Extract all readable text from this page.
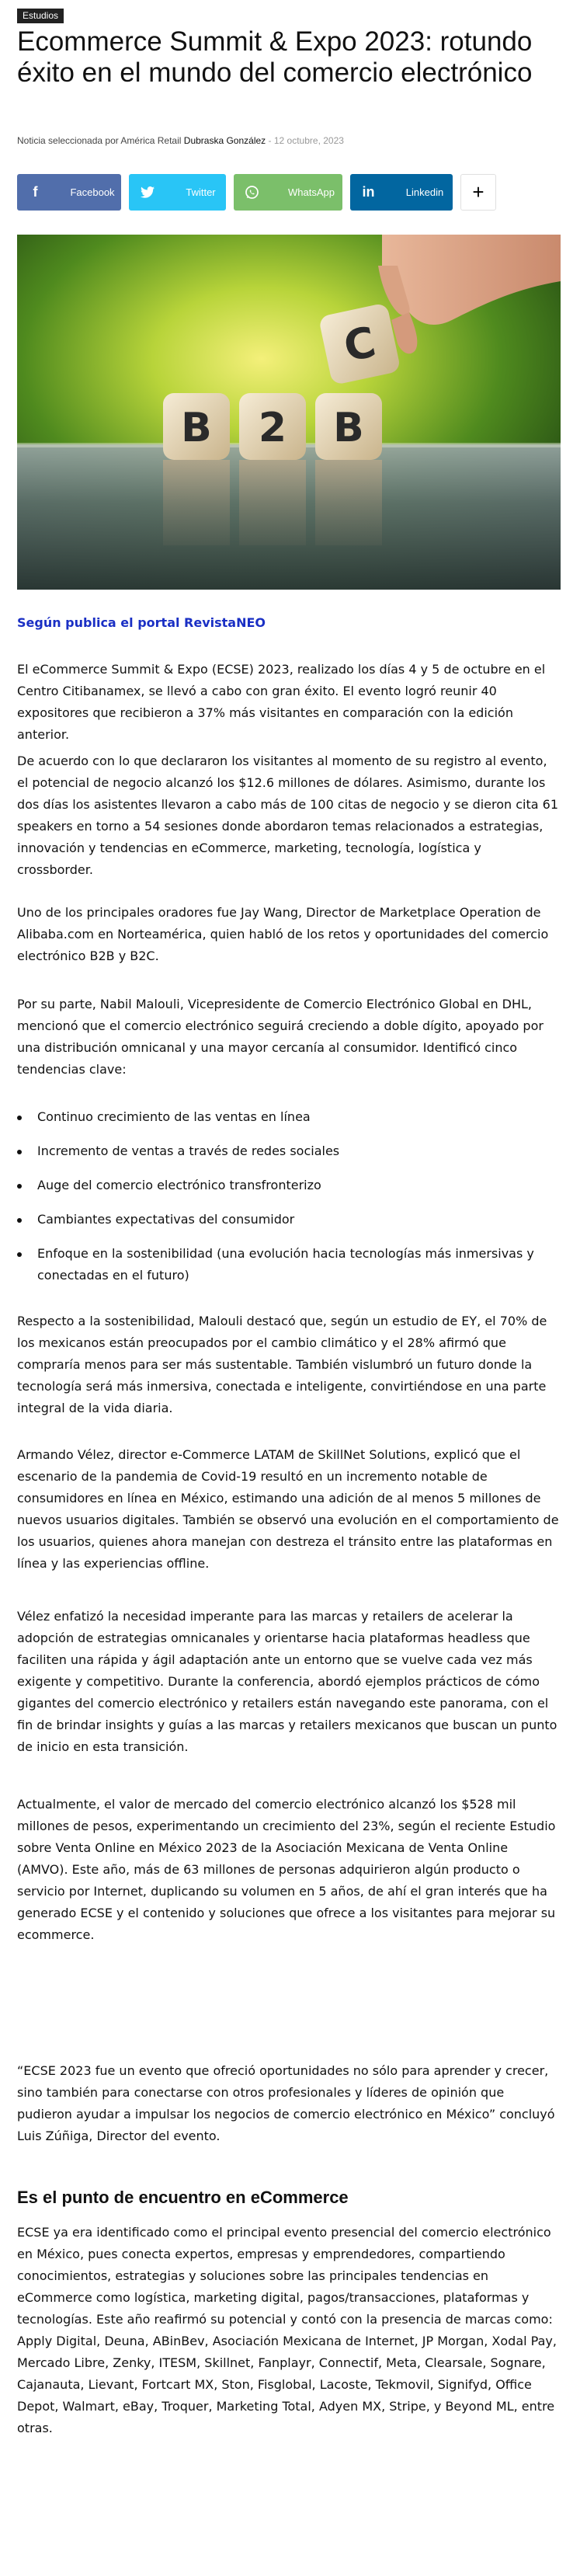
Estudios
Ecommerce Summit & Expo 2023: rotundo éxito en el mundo del comercio electrónico
Noticia seleccionada por América Retail Dubraska González - 12 octubre, 2023
f	Facebook	Twitter	WhatsApp	in	Linkedin	+
B 2 B
C
Según publica el portal RevistaNEO

El eCommerce Summit & Expo (ECSE) 2023, realizado los días 4 y 5 de octubre en el Centro Citibanamex, se llevó a cabo con gran éxito. El evento logró reunir 40 expositores que recibieron a 37% más visitantes en comparación con la edición anterior.

De acuerdo con lo que declararon los visitantes al momento de su registro al evento, el potencial de negocio alcanzó los $12.6 millones de dólares. Asimismo, durante los dos días los asistentes llevaron a cabo más de 100 citas de negocio y se dieron cita 61 speakers en torno a 54 sesiones donde abordaron temas relacionados a estrategias, innovación y tendencias en eCommerce, marketing, tecnología, logística y crossborder.

Uno de los principales oradores fue Jay Wang, Director de Marketplace Operation de Alibaba.com en Norteamérica, quien habló de los retos y oportunidades del comercio electrónico B2B y B2C.

Por su parte, Nabil Malouli, Vicepresidente de Comercio Electrónico Global en DHL, mencionó que el comercio electrónico seguirá creciendo a doble dígito, apoyado por una distribución omnicanal y una mayor cercanía al consumidor. Identificó cinco tendencias clave:

Continuo crecimiento de las ventas en línea
Incremento de ventas a través de redes sociales
Auge del comercio electrónico transfronterizo
Cambiantes expectativas del consumidor
Enfoque en la sostenibilidad (una evolución hacia tecnologías más inmersivas y conectadas en el futuro)

Respecto a la sostenibilidad, Malouli destacó que, según un estudio de EY, el 70% de los mexicanos están preocupados por el cambio climático y el 28% afirmó que compraría menos para ser más sustentable. También vislumbró un futuro donde la tecnología será más inmersiva, conectada e inteligente, convirtiéndose en una parte integral de la vida diaria.

Armando Vélez, director e-Commerce LATAM de SkillNet Solutions, explicó que el escenario de la pandemia de Covid-19 resultó en un incremento notable de consumidores en línea en México, estimando una adición de al menos 5 millones de nuevos usuarios digitales. También se observó una evolución en el comportamiento de los usuarios, quienes ahora manejan con destreza el tránsito entre las plataformas en línea y las experiencias offline.

Vélez enfatizó la necesidad imperante para las marcas y retailers de acelerar la adopción de estrategias omnicanales y orientarse hacia plataformas headless que faciliten una rápida y ágil adaptación ante un entorno que se vuelve cada vez más exigente y competitivo. Durante la conferencia, abordó ejemplos prácticos de cómo gigantes del comercio electrónico y retailers están navegando este panorama, con el fin de brindar insights y guías a las marcas y retailers mexicanos que buscan un punto de inicio en esta transición.

Actualmente, el valor de mercado del comercio electrónico alcanzó los $528 mil millones de pesos, experimentando un crecimiento del 23%, según el reciente Estudio sobre Venta Online en México 2023 de la Asociación Mexicana de Venta Online (AMVO). Este año, más de 63 millones de personas adquirieron algún producto o servicio por Internet, duplicando su volumen en 5 años, de ahí el gran interés que ha generado ECSE y el contenido y soluciones que ofrece a los visitantes para mejorar su ecommerce.

“ECSE 2023 fue un evento que ofreció oportunidades no sólo para aprender y crecer, sino también para conectarse con otros profesionales y líderes de opinión que pudieron ayudar a impulsar los negocios de comercio electrónico en México” concluyó Luis Zúñiga, Director del evento.

Es el punto de encuentro en eCommerce

ECSE ya era identificado como el principal evento presencial del comercio electrónico en México, pues conecta expertos, empresas y emprendedores, compartiendo conocimientos, estrategias y soluciones sobre las principales tendencias en eCommerce como logística, marketing digital, pagos/transacciones, plataformas y tecnologías. Este año reafirmó su potencial y contó con la presencia de marcas como: Apply Digital, Deuna, ABinBev, Asociación Mexicana de Internet, JP Morgan, Xodal Pay, Mercado Libre, Zenky, ITESM, Skillnet, Fanplayr, Connectif, Meta, Clearsale, Sognare, Cajanauta, Lievant, Fortcart MX, Ston, Fisglobal, Lacoste, Tekmovil, Signifyd, Office Depot, Walmart, eBay, Troquer, Marketing Total, Adyen MX, Stripe, y Beyond ML, entre otras.
